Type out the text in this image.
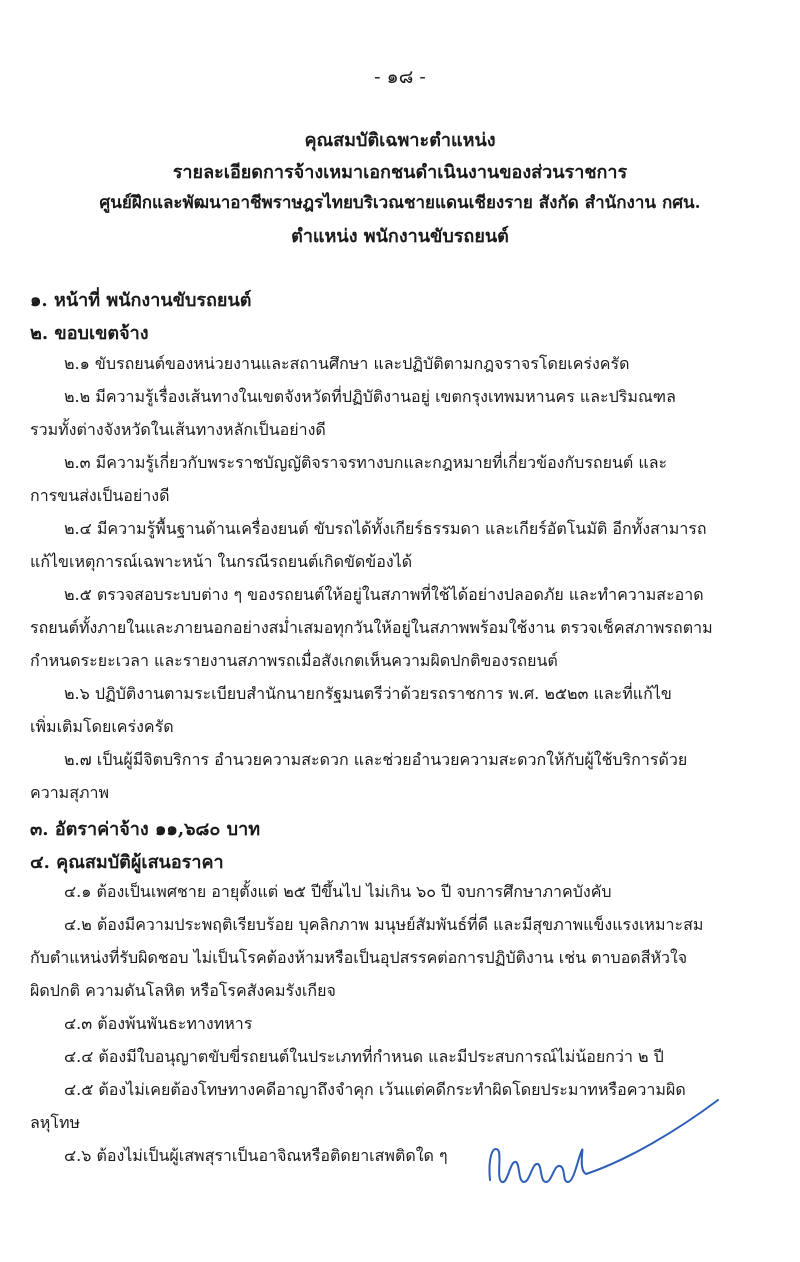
- ๑๘ -
คุณสมบัติเฉพาะตำแหน่ง
รายละเอียดการจ้างเหมาเอกชนดำเนินงานของส่วนราชการ
ศูนย์ฝึกและพัฒนาอาชีพราษฎรไทยบริเวณชายแดนเชียงราย สังกัด สำนักงาน กศน.
ตำแหน่ง พนักงานขับรถยนต์
๑. หน้าที่ พนักงานขับรถยนต์
๒. ขอบเขตจ้าง
๒.๑ ขับรถยนต์ของหน่วยงานและสถานศึกษา และปฏิบัติตามกฎจราจรโดยเคร่งครัด
๒.๒ มีความรู้เรื่องเส้นทางในเขตจังหวัดที่ปฏิบัติงานอยู่ เขตกรุงเทพมหานคร และปริมณฑล
รวมทั้งต่างจังหวัดในเส้นทางหลักเป็นอย่างดี
๒.๓ มีความรู้เกี่ยวกับพระราชบัญญัติจราจรทางบกและกฎหมายที่เกี่ยวข้องกับรถยนต์ และ
การขนส่งเป็นอย่างดี
๒.๔ มีความรู้พื้นฐานด้านเครื่องยนต์ ขับรถได้ทั้งเกียร์ธรรมดา และเกียร์อัตโนมัติ อีกทั้งสามารถ
แก้ไขเหตุการณ์เฉพาะหน้า ในกรณีรถยนต์เกิดขัดข้องได้
๒.๕ ตรวจสอบระบบต่าง ๆ ของรถยนต์ให้อยู่ในสภาพที่ใช้ได้อย่างปลอดภัย และทำความสะอาด
รถยนต์ทั้งภายในและภายนอกอย่างสม่ำเสมอทุกวันให้อยู่ในสภาพพร้อมใช้งาน ตรวจเช็คสภาพรถตาม
กำหนดระยะเวลา และรายงานสภาพรถเมื่อสังเกตเห็นความผิดปกติของรถยนต์
๒.๖ ปฏิบัติงานตามระเบียบสำนักนายกรัฐมนตรีว่าด้วยรถราชการ พ.ศ. ๒๕๒๓ และที่แก้ไข
เพิ่มเติมโดยเคร่งครัด
๒.๗ เป็นผู้มีจิตบริการ อำนวยความสะดวก และช่วยอำนวยความสะดวกให้กับผู้ใช้บริการด้วย
ความสุภาพ
๓. อัตราค่าจ้าง ๑๑,๖๘๐ บาท
๔. คุณสมบัติผู้เสนอราคา
๔.๑ ต้องเป็นเพศชาย อายุตั้งแต่ ๒๕ ปีขึ้นไป ไม่เกิน ๖๐ ปี จบการศึกษาภาคบังคับ
๔.๒ ต้องมีความประพฤติเรียบร้อย บุคลิกภาพ มนุษย์สัมพันธ์ที่ดี และมีสุขภาพแข็งแรงเหมาะสม
กับตำแหน่งที่รับผิดชอบ ไม่เป็นโรคต้องห้ามหรือเป็นอุปสรรคต่อการปฏิบัติงาน เช่น ตาบอดสีหัวใจ
ผิดปกติ ความดันโลหิต หรือโรคสังคมรังเกียจ
๔.๓ ต้องพ้นพันธะทางทหาร
๔.๔ ต้องมีใบอนุญาตขับขี่รถยนต์ในประเภทที่กำหนด และมีประสบการณ์ไม่น้อยกว่า ๒ ปี
๔.๕ ต้องไม่เคยต้องโทษทางคดีอาญาถึงจำคุก เว้นแต่คดีกระทำผิดโดยประมาทหรือความผิด
ลหุโทษ
๔.๖ ต้องไม่เป็นผู้เสพสุราเป็นอาจิณหรือติดยาเสพติดใด ๆ
